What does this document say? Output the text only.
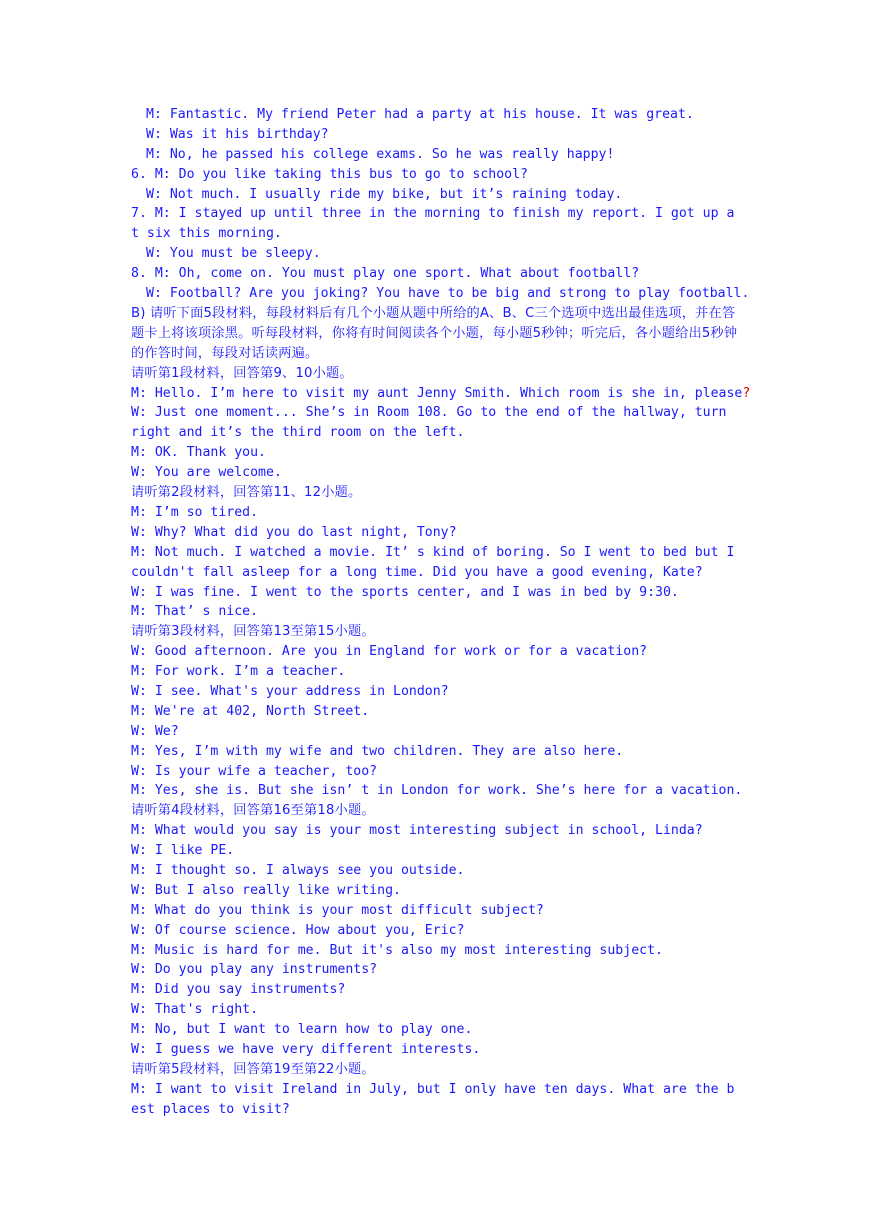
M: Fantastic. My friend Peter had a party at his house. It was great.
W: Was it his birthday?
M: No, he passed his college exams. So he was really happy!
6. M: Do you like taking this bus to go to school?
W: Not much. I usually ride my bike, but it’s raining today.
7. M: I stayed up until three in the morning to finish my report. I got up at six this morning.
W: You must be sleepy.
8. M: Oh, come on. You must play one sport. What about football?
W: Football? Are you joking? You have to be big and strong to play football.
B) 请听下面5段材料，每段材料后有几个小题从题中所给的A、B、C三个选项中选出最佳选项，并在答题卡上将该项涂黑。听每段材料，你将有时间阅读各个小题，每小题5秒钟；听完后，各小题给出5秒钟的作答时间，每段对话读两遍。
请听第1段材料，回答第9、10小题。
M: Hello. I’m here to visit my aunt Jenny Smith. Which room is she in, please?
W: Just one moment... She’s in Room 108. Go to the end of the hallway, turn right and it’s the third room on the left.
M: OK. Thank you.
W: You are welcome.
请听第2段材料，回答第11、12小题。
M: I’m so tired.
W: Why? What did you do last night, Tony?
M: Not much. I watched a movie. It’ s kind of boring. So I went to bed but I couldn't fall asleep for a long time. Did you have a good evening, Kate?
W: I was fine. I went to the sports center, and I was in bed by 9:30.
M: That’ s nice.
请听第3段材料，回答第13至第15小题。
W: Good afternoon. Are you in England for work or for a vacation?
M: For work. I’m a teacher.
W: I see. What's your address in London?
M: We're at 402, North Street.
W: We?
M: Yes, I’m with my wife and two children. They are also here.
W: Is your wife a teacher, too?
M: Yes, she is. But she isn’ t in London for work. She’s here for a vacation.
请听第4段材料，回答第16至第18小题。
M: What would you say is your most interesting subject in school, Linda?
W: I like PE.
M: I thought so. I always see you outside.
W: But I also really like writing.
M: What do you think is your most difficult subject?
W: Of course science. How about you, Eric?
M: Music is hard for me. But it's also my most interesting subject.
W: Do you play any instruments?
M: Did you say instruments?
W: That's right.
M: No, but I want to learn how to play one.
W: I guess we have very different interests.
请听第5段材料，回答第19至第22小题。
M: I want to visit Ireland in July, but I only have ten days. What are the best places to visit?
